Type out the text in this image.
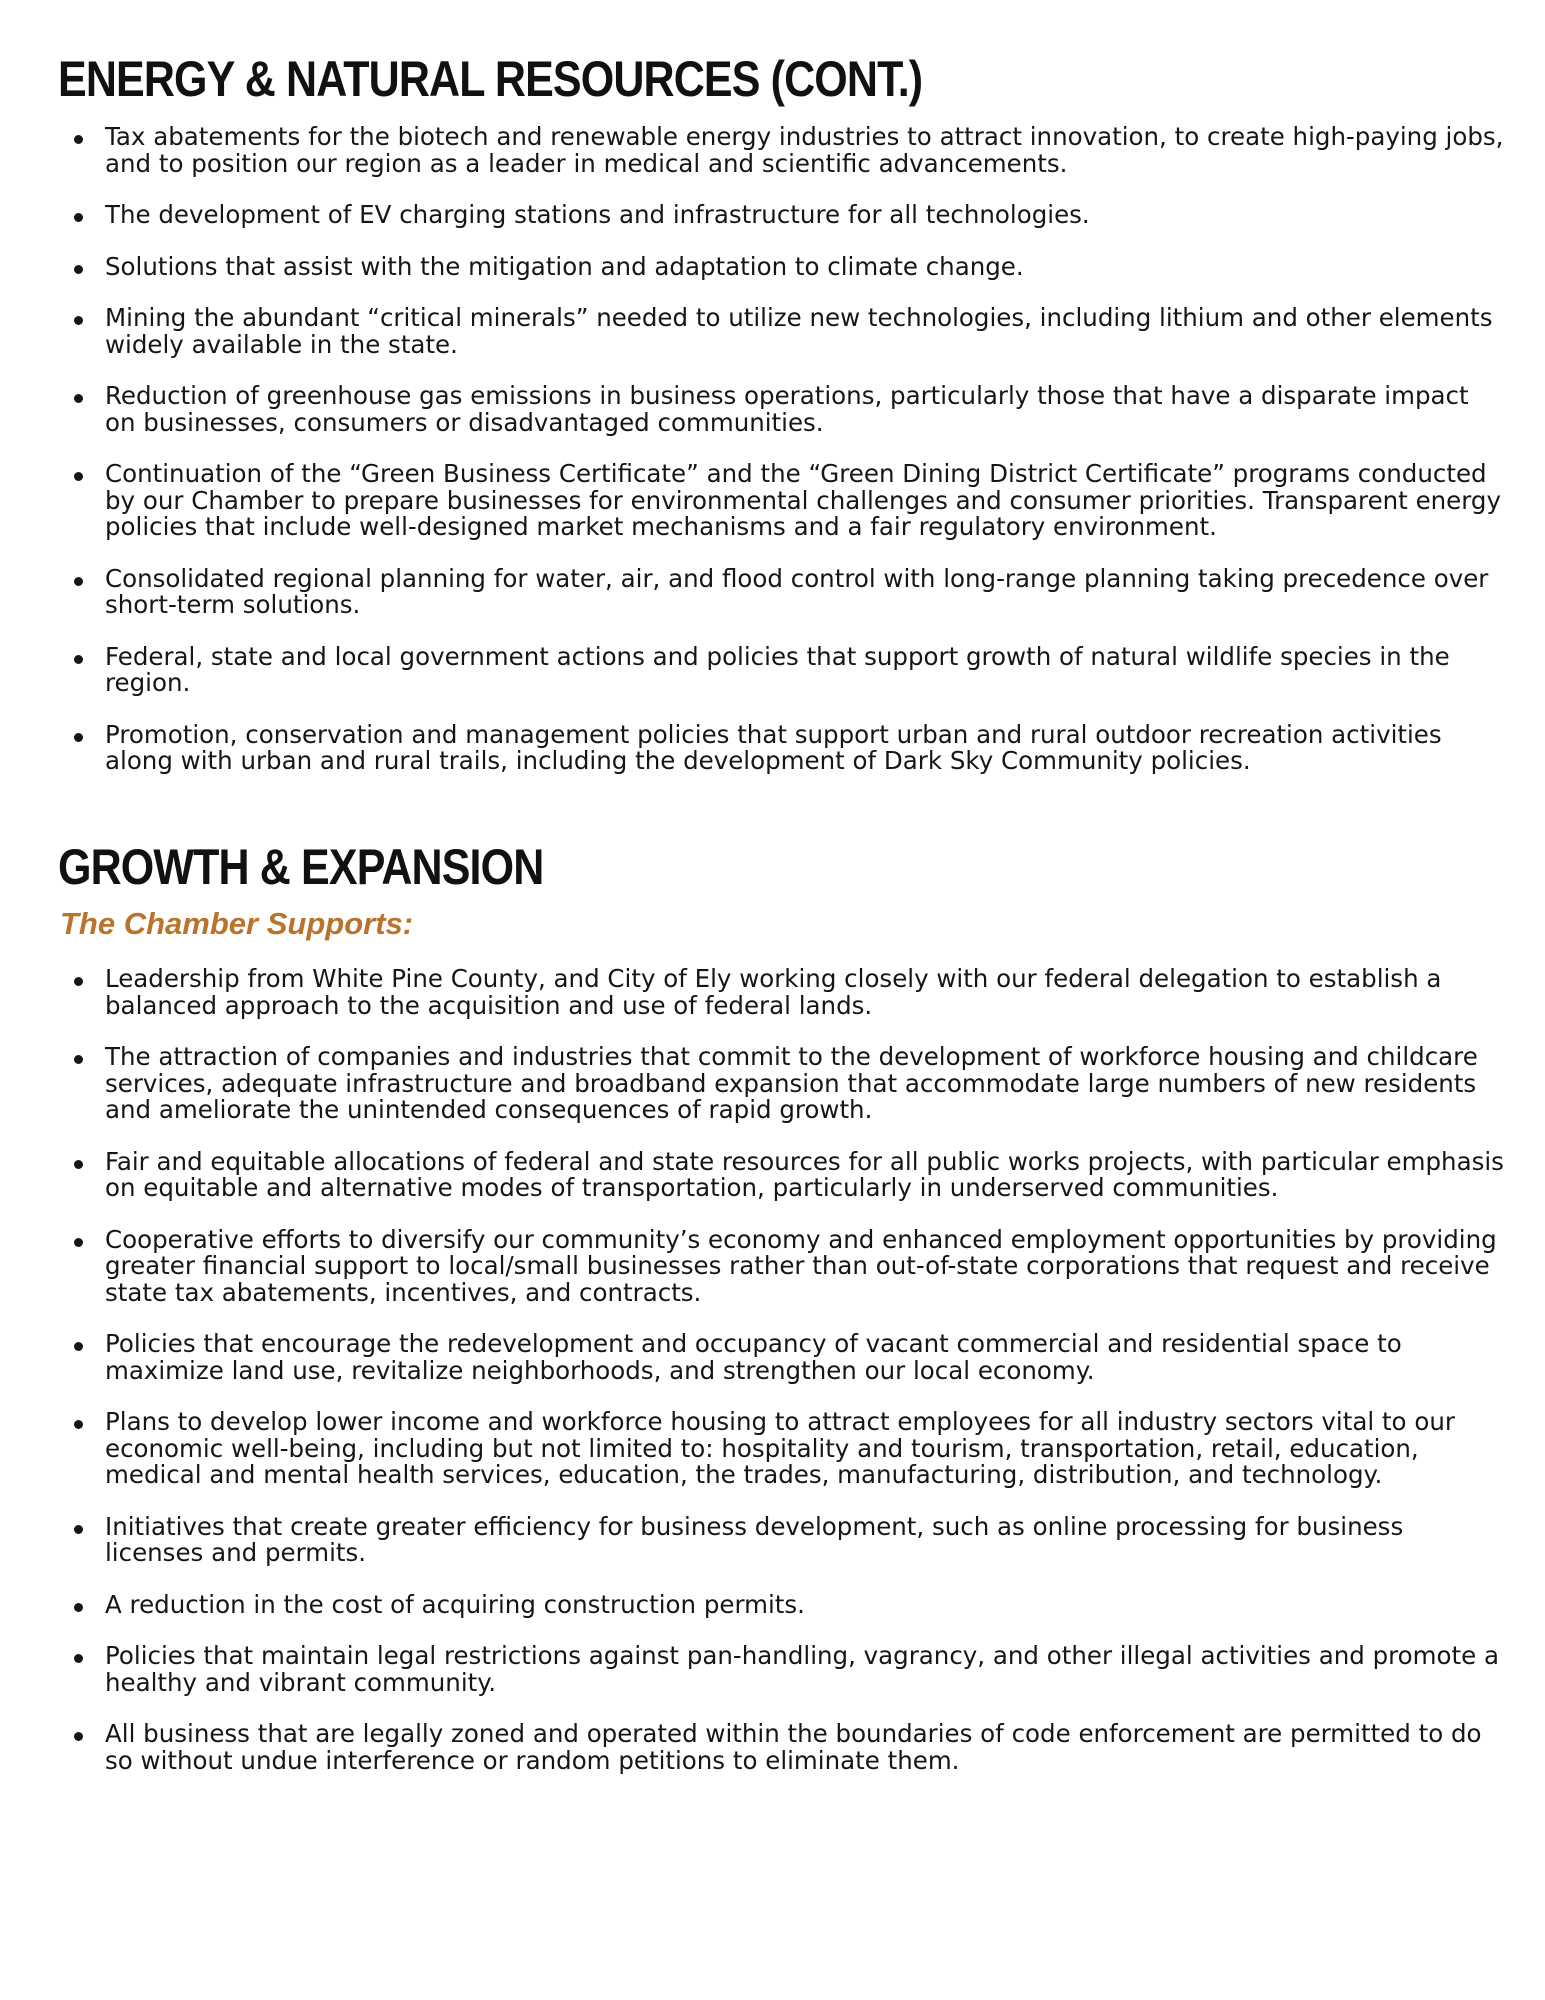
ENERGY & NATURAL RESOURCES (CONT.)
Tax abatements for the biotech and renewable energy industries to attract innovation, to create high-paying jobs, and to position our region as a leader in medical and scientific advancements.
The development of EV charging stations and infrastructure for all technologies.
Solutions that assist with the mitigation and adaptation to climate change.
Mining the abundant “critical minerals” needed to utilize new technologies, including lithium and other elements widely available in the state.
Reduction of greenhouse gas emissions in business operations, particularly those that have a disparate impact on businesses, consumers or disadvantaged communities.
Continuation of the “Green Business Certificate” and the “Green Dining District Certificate” programs conducted by our Chamber to prepare businesses for environmental challenges and consumer priorities. Transparent energy policies that include well-designed market mechanisms and a fair regulatory environment.
Consolidated regional planning for water, air, and flood control with long-range planning taking precedence over short-term solutions.
Federal, state and local government actions and policies that support growth of natural wildlife species in the region.
Promotion, conservation and management policies that support urban and rural outdoor recreation activities along with urban and rural trails, including the development of Dark Sky Community policies.
GROWTH & EXPANSION
The Chamber Supports:
Leadership from White Pine County, and City of Ely working closely with our federal delegation to establish a balanced approach to the acquisition and use of federal lands.
The attraction of companies and industries that commit to the development of workforce housing and childcare services, adequate infrastructure and broadband expansion that accommodate large numbers of new residents and ameliorate the unintended consequences of rapid growth.
Fair and equitable allocations of federal and state resources for all public works projects, with particular emphasis on equitable and alternative modes of transportation, particularly in underserved communities.
Cooperative efforts to diversify our community’s economy and enhanced employment opportunities by providing greater financial support to local/small businesses rather than out-of-state corporations that request and receive state tax abatements, incentives, and contracts.
Policies that encourage the redevelopment and occupancy of vacant commercial and residential space to maximize land use, revitalize neighborhoods, and strengthen our local economy.
Plans to develop lower income and workforce housing to attract employees for all industry sectors vital to our economic well-being, including but not limited to: hospitality and tourism, transportation, retail, education, medical and mental health services, education, the trades, manufacturing, distribution, and technology.
Initiatives that create greater efficiency for business development, such as online processing for business licenses and permits.
A reduction in the cost of acquiring construction permits.
Policies that maintain legal restrictions against pan-handling, vagrancy, and other illegal activities and promote a healthy and vibrant community.
All business that are legally zoned and operated within the boundaries of code enforcement are permitted to do so without undue interference or random petitions to eliminate them.
